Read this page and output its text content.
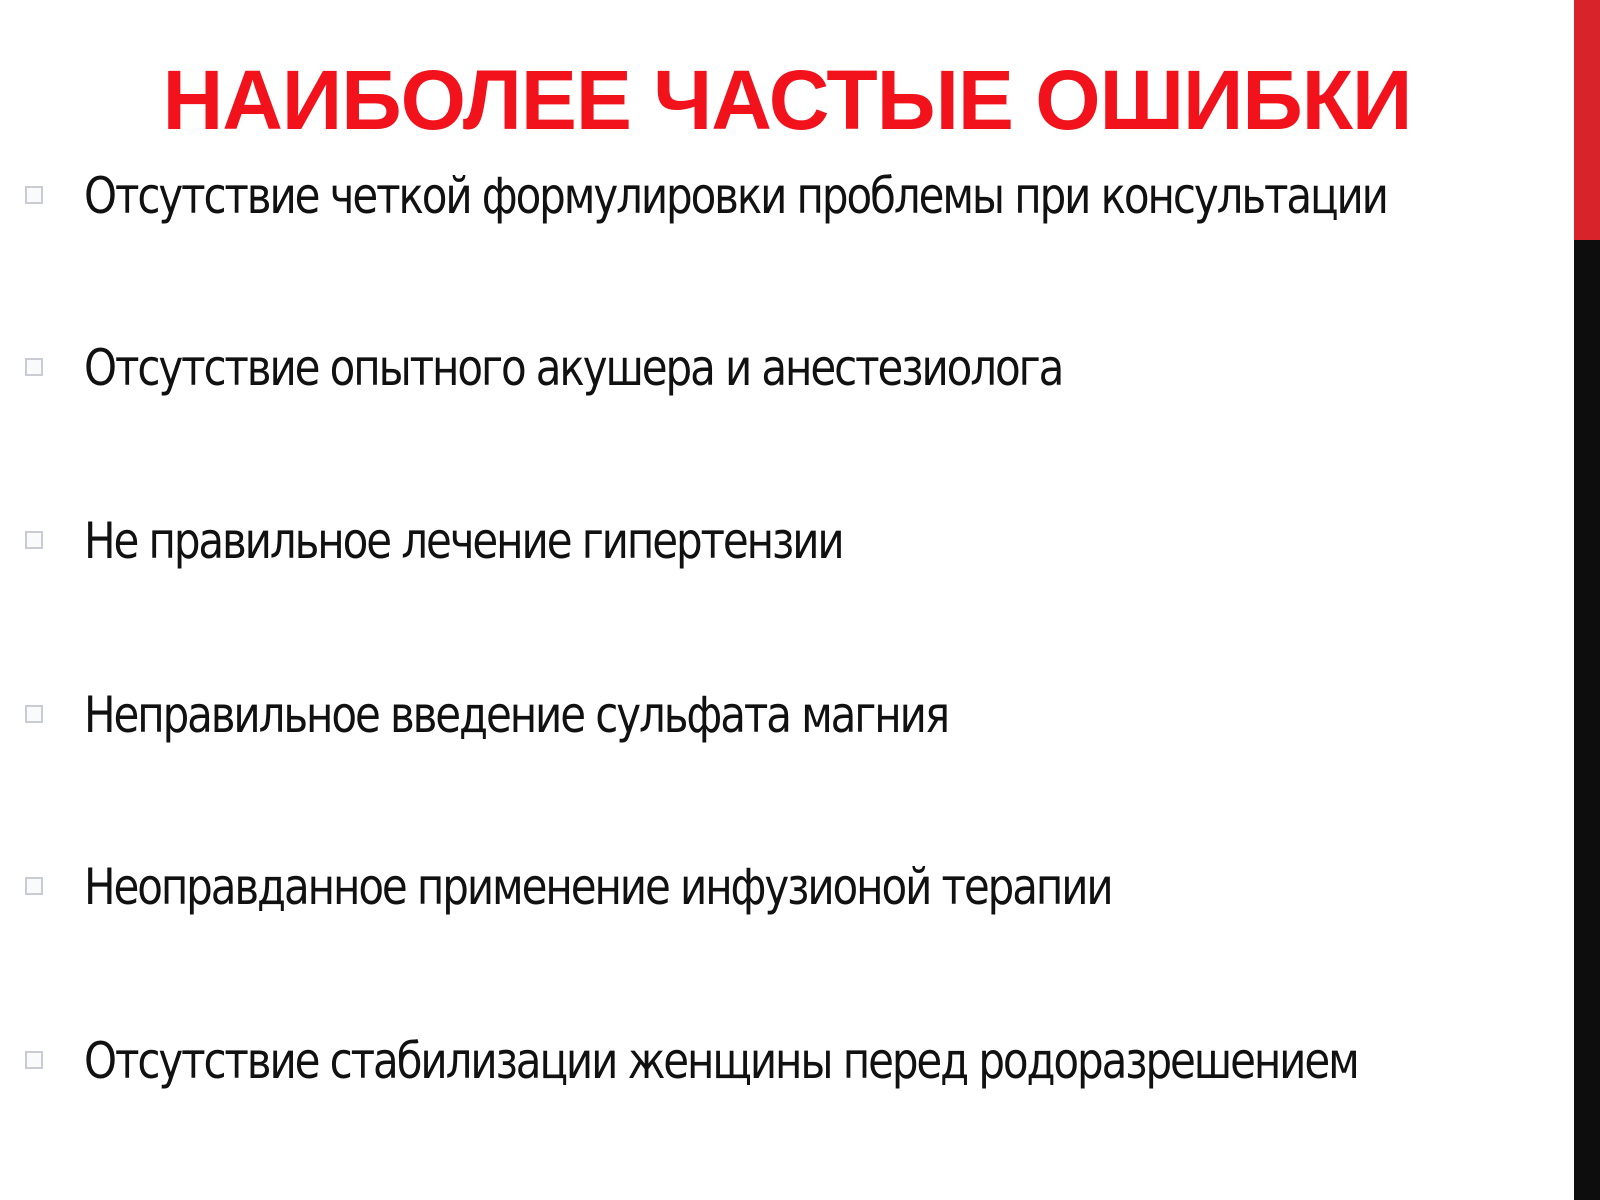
НАИБОЛЕЕ ЧАСТЫЕ ОШИБКИ
Отсутствие четкой формулировки проблемы при консультации
Отсутствие опытного акушера и анестезиолога
Не правильное лечение гипертензии
Неправильное введение сульфата магния
Неоправданное применение инфузионой терапии
Отсутствие стабилизации женщины перед родоразрешением
